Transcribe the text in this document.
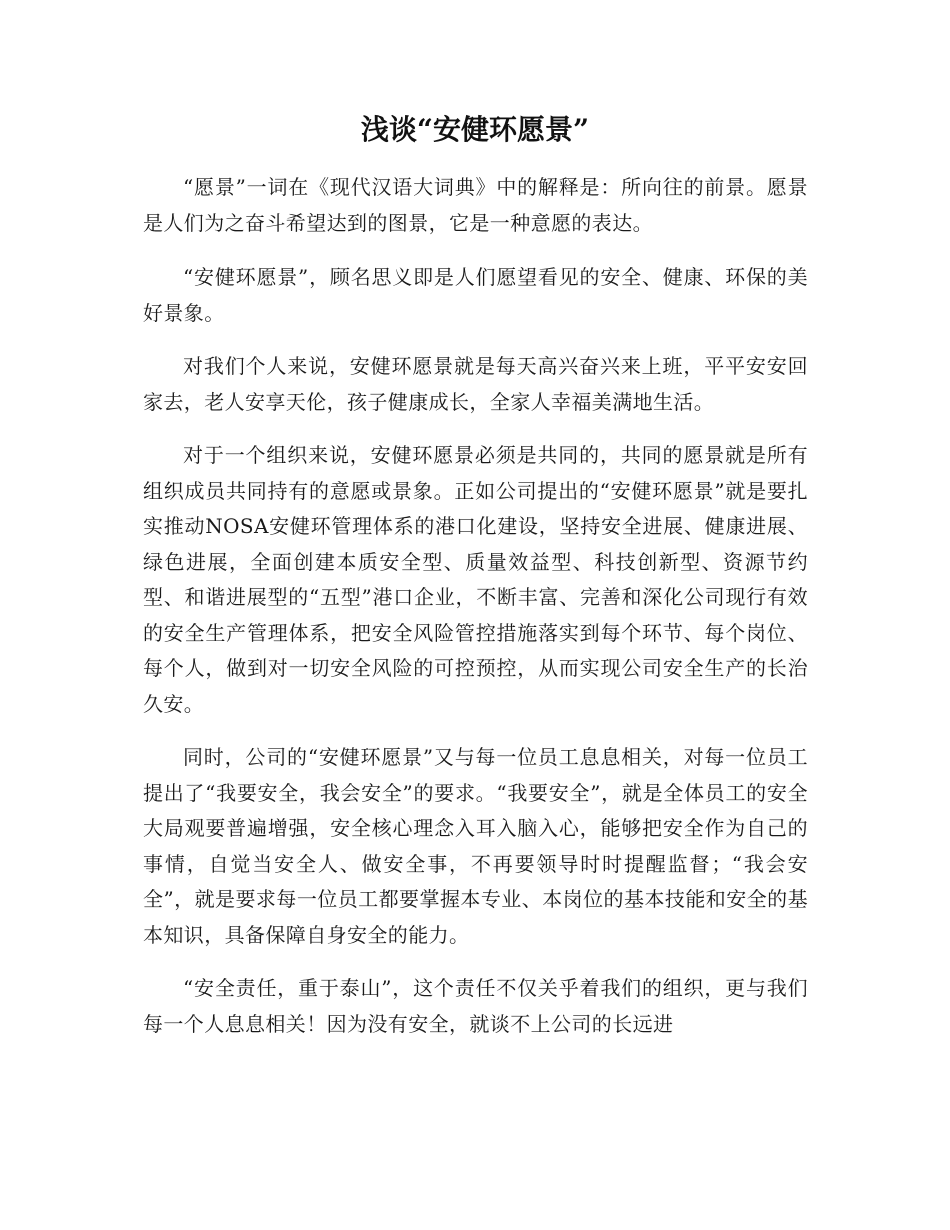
浅谈“安健环愿景”

“愿景”一词在《现代汉语大词典》中的解释是：所向往的前景。愿景是人们为之奋斗希望达到的图景，它是一种意愿的表达。

“安健环愿景”，顾名思义即是人们愿望看见的安全、健康、环保的美好景象。

对我们个人来说，安健环愿景就是每天高兴奋兴来上班，平平安安回家去，老人安享天伦，孩子健康成长，全家人幸福美满地生活。

对于一个组织来说，安健环愿景必须是共同的，共同的愿景就是所有组织成员共同持有的意愿或景象。正如公司提出的“安健环愿景”就是要扎实推动NOSA安健环管理体系的港口化建设，坚持安全进展、健康进展、绿色进展，全面创建本质安全型、质量效益型、科技创新型、资源节约型、和谐进展型的“五型”港口企业，不断丰富、完善和深化公司现行有效的安全生产管理体系，把安全风险管控措施落实到每个环节、每个岗位、每个人，做到对一切安全风险的可控预控，从而实现公司安全生产的长治久安。

同时，公司的“安健环愿景”又与每一位员工息息相关，对每一位员工提出了“我要安全，我会安全”的要求。“我要安全”，就是全体员工的安全大局观要普遍增强，安全核心理念入耳入脑入心，能够把安全作为自己的事情，自觉当安全人、做安全事，不再要领导时时提醒监督；“我会安全”，就是要求每一位员工都要掌握本专业、本岗位的基本技能和安全的基本知识，具备保障自身安全的能力。

“安全责任，重于泰山”，这个责任不仅关乎着我们的组织，更与我们每一个人息息相关！因为没有安全，就谈不上公司的长远进
